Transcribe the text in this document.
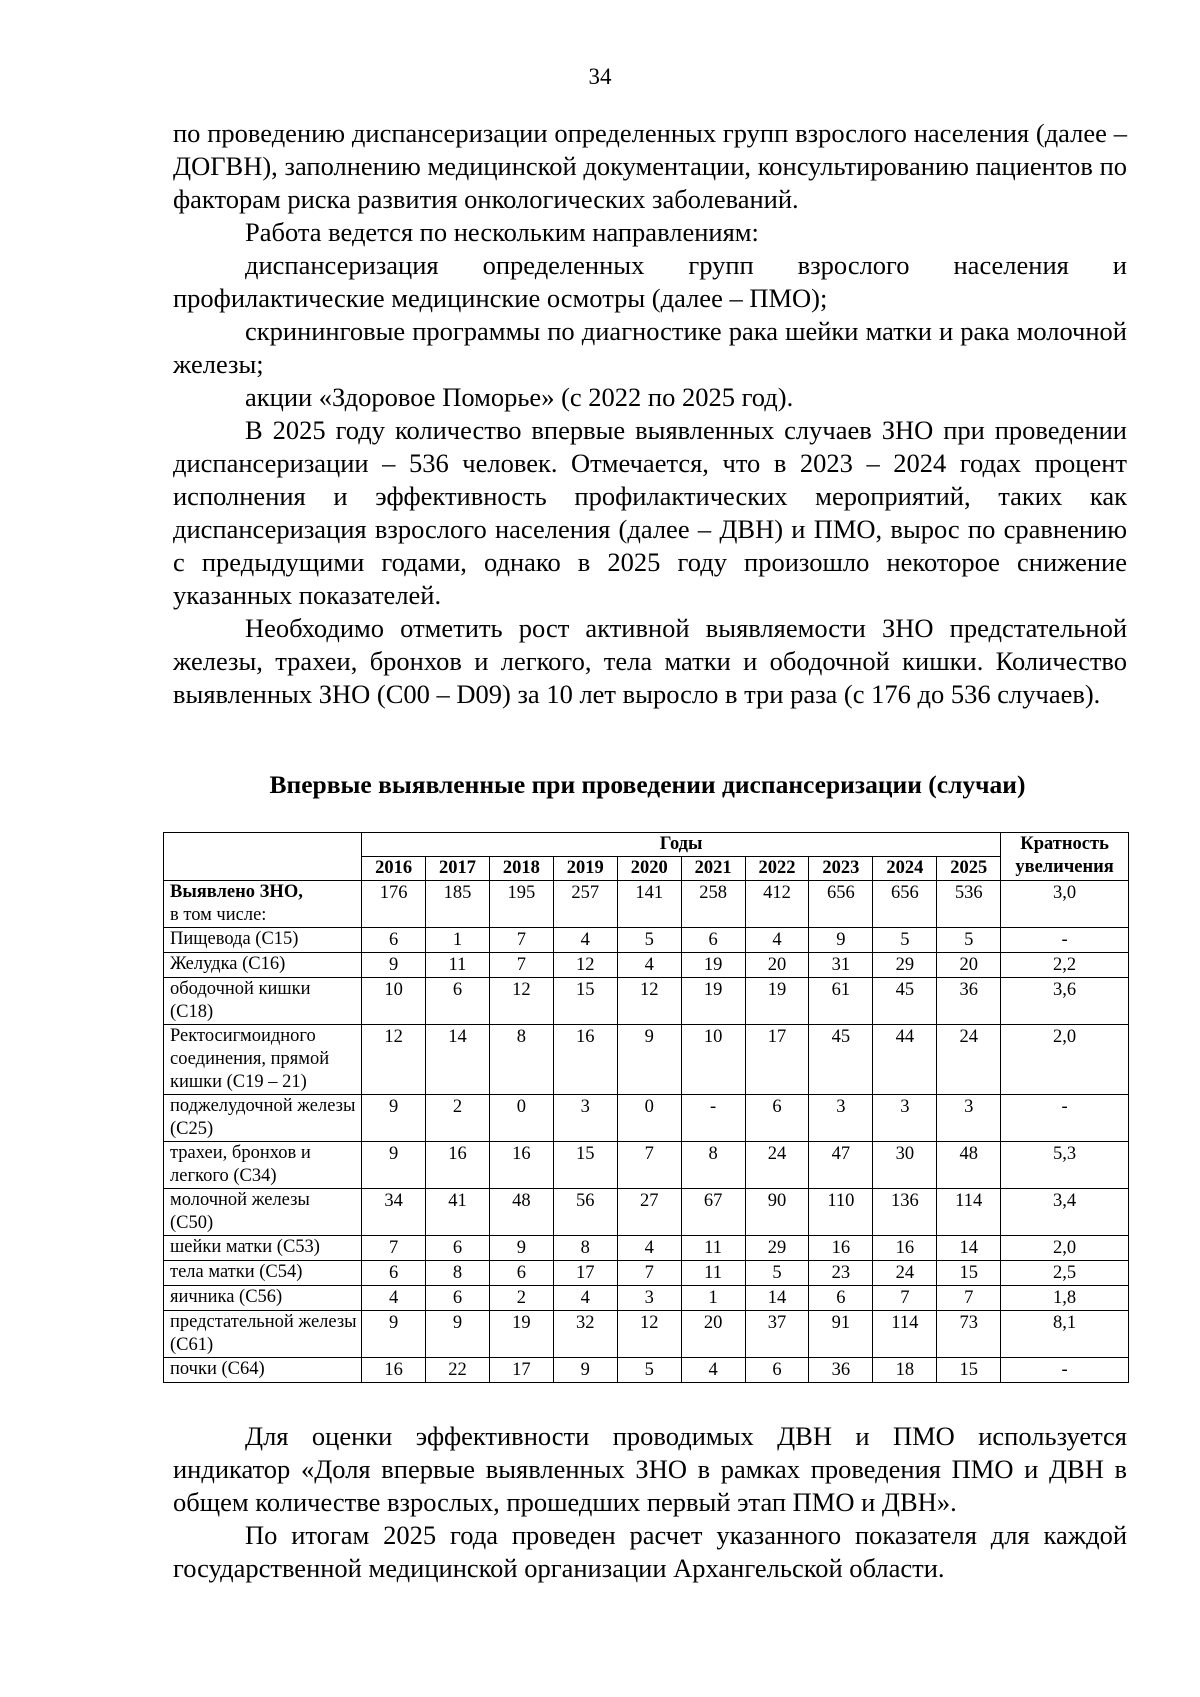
34

по проведению диспансеризации определенных групп взрослого населения (далее – ДОГВН), заполнению медицинской документации, консультированию пациентов по факторам риска развития онкологических заболеваний.

Работа ведется по нескольким направлениям:

диспансеризация определенных групп взрослого населения и профилактические медицинские осмотры (далее – ПМО);

скрининговые программы по диагностике рака шейки матки и рака молочной железы;

акции «Здоровое Поморье» (с 2022 по 2025 год).

В 2025 году количество впервые выявленных случаев ЗНО при проведении диспансеризации – 536 человек. Отмечается, что в 2023 – 2024 годах процент исполнения и эффективность профилактических мероприятий, таких как диспансеризация взрослого населения (далее – ДВН) и ПМО, вырос по сравнению с предыдущими годами, однако в 2025 году произошло некоторое снижение указанных показателей.

Необходимо отметить рост активной выявляемости ЗНО предстательной железы, трахеи, бронхов и легкого, тела матки и ободочной кишки. Количество выявленных ЗНО (С00 – D09) за 10 лет выросло в три раза (с 176 до 536 случаев).

Впервые выявленные при проведении диспансеризации (случаи)
	Годы										Кратность
увеличения

	2016	2017	2018	2019	2020	2021	2022	2023	2024	2025	

Выявлено ЗНО,
в том числе:	176	185	195	257	141	258	412	656	656	536	3,0
Пищевода (С15)	6	1	7	4	5	6	4	9	5	5	-
Желудка (С16)	9	11	7	12	4	19	20	31	29	20	2,2
ободочной кишки (С18)	10	6	12	15	12	19	19	61	45	36	3,6
Ректосигмоидного соединения, прямой кишки (С19 – 21)	12	14	8	16	9	10	17	45	44	24	2,0
поджелудочной железы (С25)	9	2	0	3	0	-	6	3	3	3	-
трахеи, бронхов и легкого (С34)	9	16	16	15	7	8	24	47	30	48	5,3
молочной железы (С50)	34	41	48	56	27	67	90	110	136	114	3,4
шейки матки (С53)	7	6	9	8	4	11	29	16	16	14	2,0
тела матки (С54)	6	8	6	17	7	11	5	23	24	15	2,5
яичника (С56)	4	6	2	4	3	1	14	6	7	7	1,8
предстательной железы (С61)	9	9	19	32	12	20	37	91	114	73	8,1
почки (С64)	16	22	17	9	5	4	6	36	18	15	-

Для оценки эффективности проводимых ДВН и ПМО используется индикатор «Доля впервые выявленных ЗНО в рамках проведения ПМО и ДВН в общем количестве взрослых, прошедших первый этап ПМО и ДВН».

По итогам 2025 года проведен расчет указанного показателя для каждой государственной медицинской организации Архангельской области.
